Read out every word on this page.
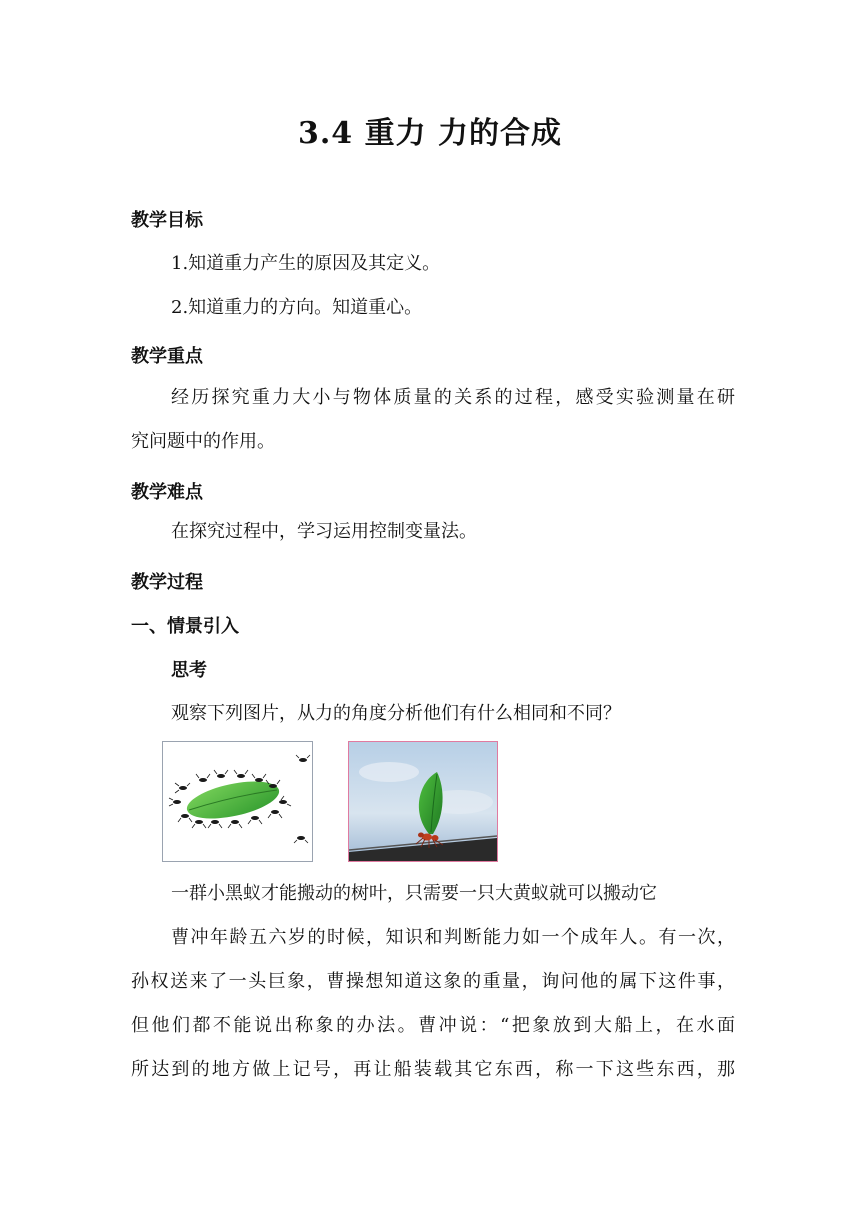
3.4 重力 力的合成
教学目标
1.知道重力产生的原因及其定义。
2.知道重力的方向。知道重心。
教学重点
经历探究重力大小与物体质量的关系的过程，感受实验测量在研
究问题中的作用。
教学难点
在探究过程中，学习运用控制变量法。
教学过程
一、情景引入
思考
观察下列图片，从力的角度分析他们有什么相同和不同？
一群小黑蚁才能搬动的树叶，只需要一只大黄蚁就可以搬动它
曹冲年龄五六岁的时候，知识和判断能力如一个成年人。有一次，
孙权送来了一头巨象，曹操想知道这象的重量，询问他的属下这件事，
但他们都不能说出称象的办法。曹冲说：“把象放到大船上，在水面
所达到的地方做上记号，再让船装载其它东西，称一下这些东西，那
